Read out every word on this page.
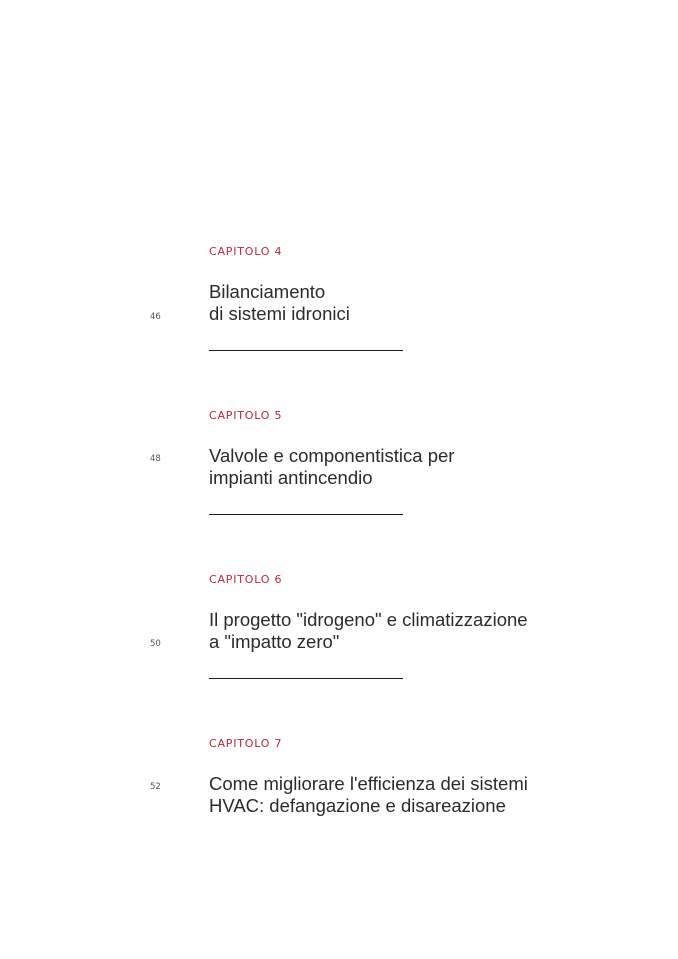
CAPITOLO 4
Bilanciamento
di sistemi idronici
46
CAPITOLO 5
Valvole e componentistica per
impianti antincendio
48
CAPITOLO 6
Il progetto "idrogeno" e climatizzazione
a "impatto zero"
50
CAPITOLO 7
Come migliorare l'efficienza dei sistemi
HVAC: defangazione e disareazione
52
